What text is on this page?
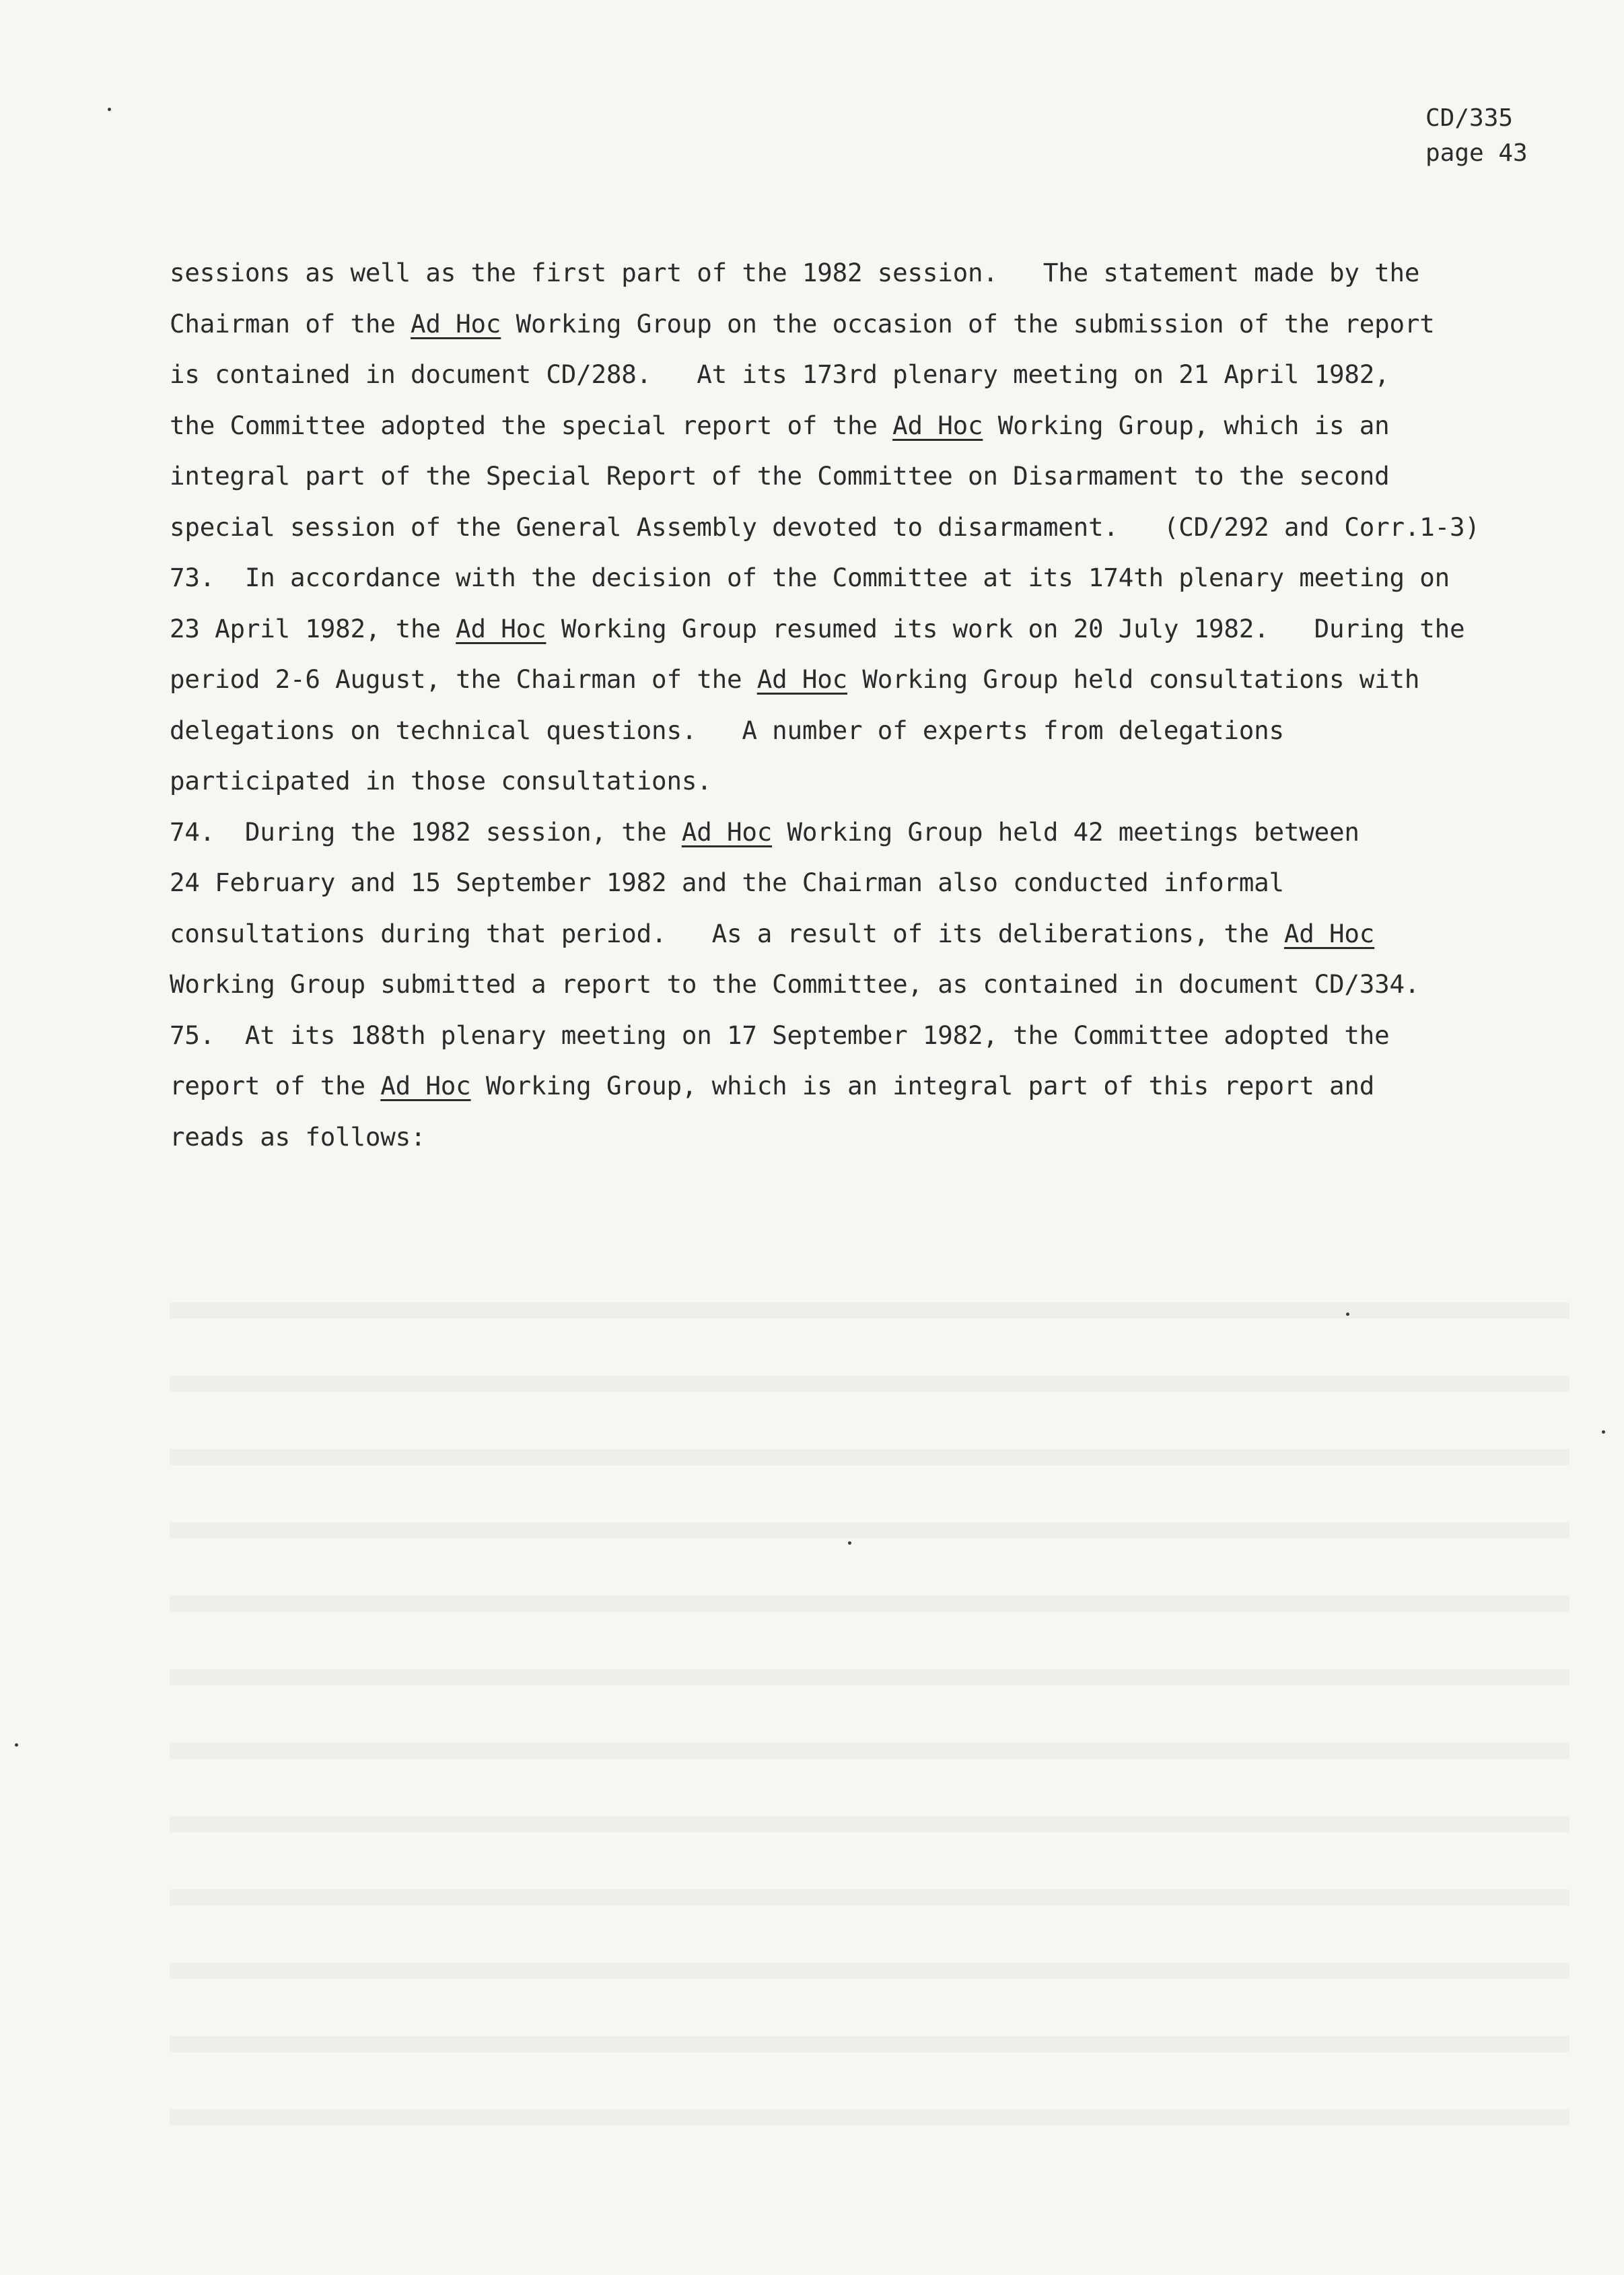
CD/335
page 43
sessions as well as the first part of the 1982 session.   The statement made by the
Chairman of the Ad Hoc Working Group on the occasion of the submission of the report
is contained in document CD/288.   At its 173rd plenary meeting on 21 April 1982,
the Committee adopted the special report of the Ad Hoc Working Group, which is an
integral part of the Special Report of the Committee on Disarmament to the second
special session of the General Assembly devoted to disarmament.   (CD/292 and Corr.1-3)
73.  In accordance with the decision of the Committee at its 174th plenary meeting on
23 April 1982, the Ad Hoc Working Group resumed its work on 20 July 1982.   During the
period 2-6 August, the Chairman of the Ad Hoc Working Group held consultations with
delegations on technical questions.   A number of experts from delegations
participated in those consultations.
74.  During the 1982 session, the Ad Hoc Working Group held 42 meetings between
24 February and 15 September 1982 and the Chairman also conducted informal
consultations during that period.   As a result of its deliberations, the Ad Hoc
Working Group submitted a report to the Committee, as contained in document CD/334.
75.  At its 188th plenary meeting on 17 September 1982, the Committee adopted the
report of the Ad Hoc Working Group, which is an integral part of this report and
reads as follows:
